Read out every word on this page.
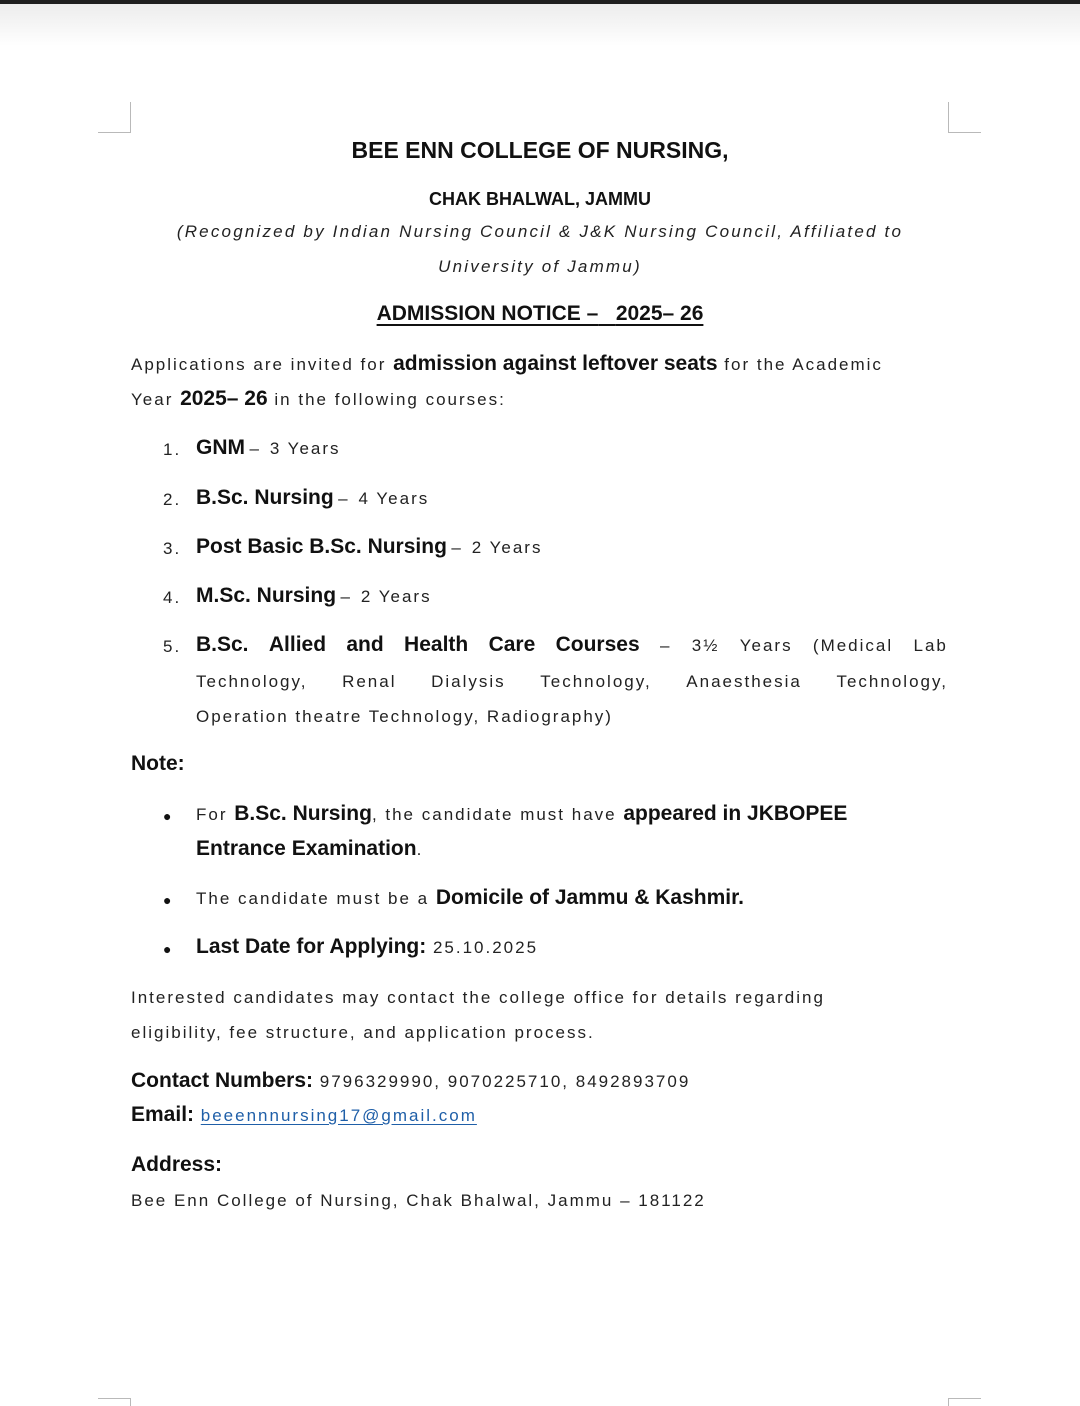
BEE ENN COLLEGE OF NURSING,
CHAK BHALWAL, JAMMU
(Recognized by Indian Nursing Council & J&K Nursing Council, Affiliated to
University of Jammu)
ADMISSION NOTICE – 2025– 26
Applications are invited for admission against leftover seats for the Academic
Year 2025– 26 in the following courses:
1. GNM – 3 Years
2. B.Sc. Nursing – 4 Years
3. Post Basic B.Sc. Nursing – 2 Years
4. M.Sc. Nursing – 2 Years
5. B.Sc. Allied and Health Care Courses – 3½ Years (Medical Lab
Technology, Renal Dialysis Technology, Anaesthesia Technology,
Operation theatre Technology, Radiography)
Note:
● For B.Sc. Nursing, the candidate must have appeared in JKBOPEE
Entrance Examination.
● The candidate must be a Domicile of Jammu & Kashmir.
● Last Date for Applying: 25.10.2025
Interested candidates may contact the college office for details regarding
eligibility, fee structure, and application process.
Contact Numbers: 9796329990, 9070225710, 8492893709
Email: beeennnursing17@gmail.com
Address:
Bee Enn College of Nursing, Chak Bhalwal, Jammu – 181122
